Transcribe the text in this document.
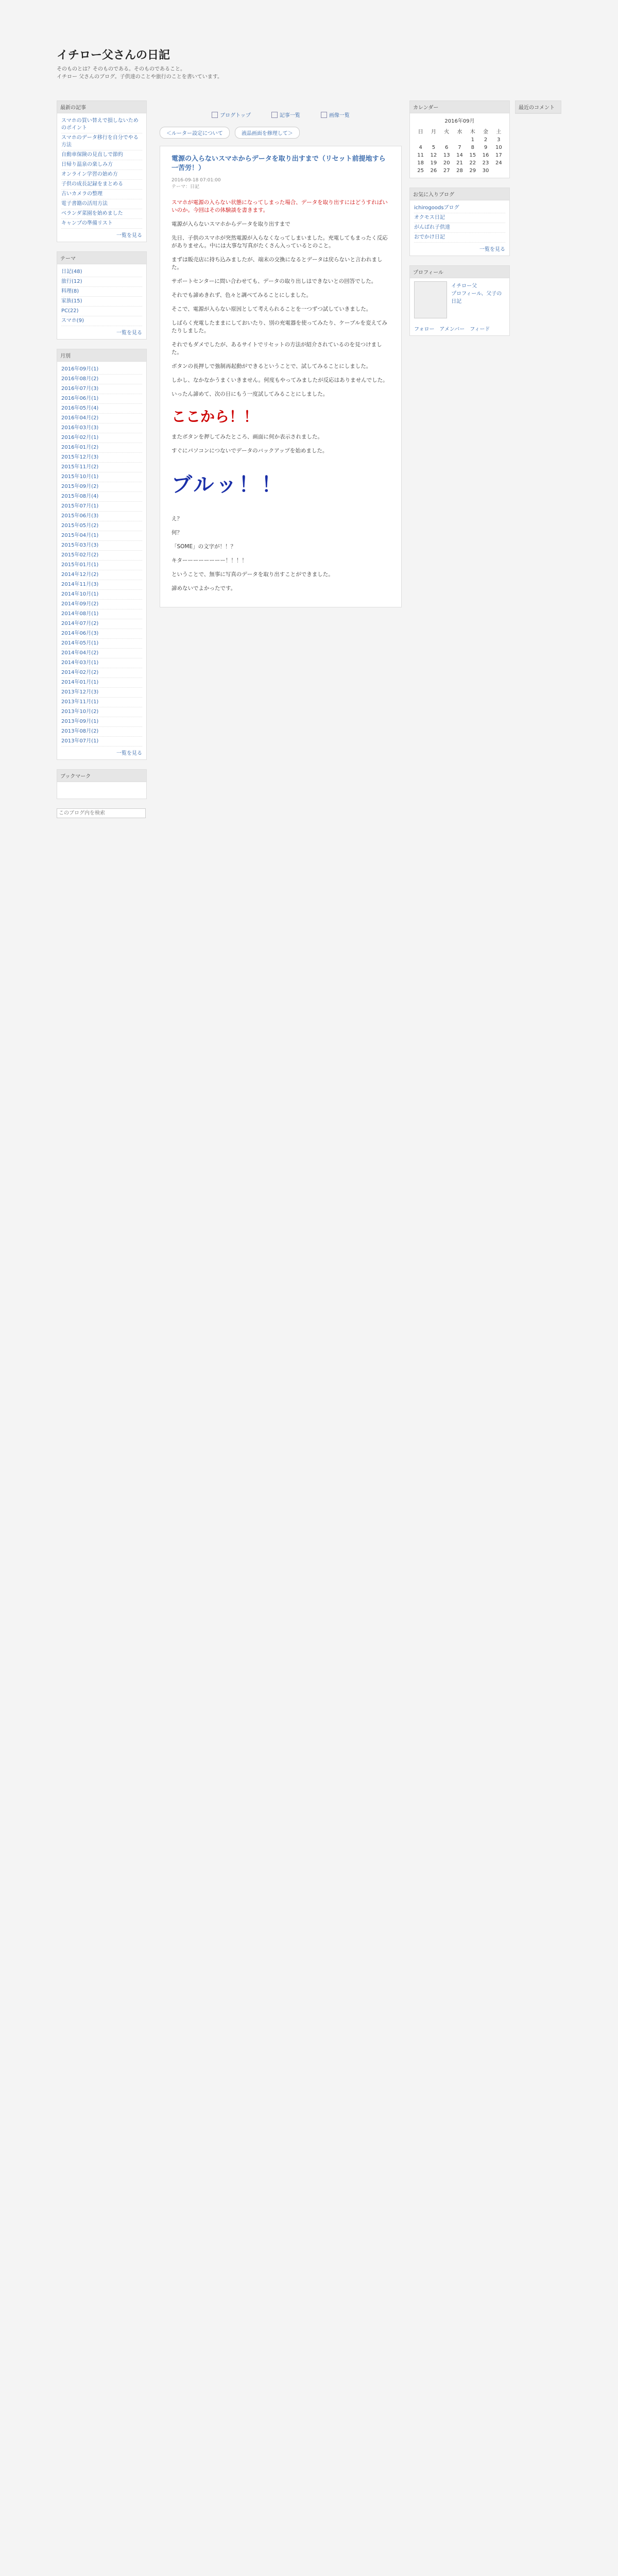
イチロー父さんの日記
そのものとは？そのものである。そのものであること。
イチロー 父さんのブログ。子供達のことや旅行のことを書いています。
最新の記事
スマホの買い替えで損しないためのポイント
スマホのデータ移行を自分でやる方法
自動車保険の見直しで節約
日帰り温泉の楽しみ方
オンライン学習の始め方
子供の成長記録をまとめる
古いカメラの整理
電子書籍の活用方法
ベランダ菜園を始めました
キャンプの準備リスト
一覧を見る
テーマ
日記(48)
旅行(12)
料理(8)
家族(15)
PC(22)
スマホ(9)
一覧を見る
月別
2016年09月(1)
2016年08月(2)
2016年07月(3)
2016年06月(1)
2016年05月(4)
2016年04月(2)
2016年03月(3)
2016年02月(1)
2016年01月(2)
2015年12月(3)
2015年11月(2)
2015年10月(1)
2015年09月(2)
2015年08月(4)
2015年07月(1)
2015年06月(3)
2015年05月(2)
2015年04月(1)
2015年03月(3)
2015年02月(2)
2015年01月(1)
2014年12月(2)
2014年11月(3)
2014年10月(1)
2014年09月(2)
2014年08月(1)
2014年07月(2)
2014年06月(3)
2014年05月(1)
2014年04月(2)
2014年03月(1)
2014年02月(2)
2014年01月(1)
2013年12月(3)
2013年11月(1)
2013年10月(2)
2013年09月(1)
2013年08月(2)
2013年07月(1)
一覧を見る
ブックマーク
このブログ内を検索
ブログトップ	記事一覧	画像一覧
＜ルーター設定について	液晶画面を修理して＞
電源の入らないスマホからデータを取り出すまで（リセット前提地すら一苦労！）
2016-09-18 07:01:00
テーマ：日記

スマホが電源の入らない状態になってしまった場合、データを取り出すにはどうすればいいのか。今回はその体験談を書きます。

電源が入らないスマホからデータを取り出すまで

先日、子供のスマホが突然電源が入らなくなってしまいました。充電してもまったく反応がありません。中には大事な写真がたくさん入っているとのこと。

まずは販売店に持ち込みましたが、端末の交換になるとデータは戻らないと言われました。

サポートセンターに問い合わせても、データの取り出しはできないとの回答でした。

それでも諦めきれず、色々と調べてみることにしました。

そこで、電源が入らない原因として考えられることを一つずつ試していきました。

しばらく充電したままにしておいたり、別の充電器を使ってみたり、ケーブルを変えてみたりしました。

それでもダメでしたが、あるサイトでリセットの方法が紹介されているのを見つけました。

ボタンの長押しで強制再起動ができるということで、試してみることにしました。

しかし、なかなかうまくいきません。何度もやってみましたが反応はありませんでした。

いったん諦めて、次の日にもう一度試してみることにしました。

ここから！！

またボタンを押してみたところ、画面に何か表示されました。

すぐにパソコンにつないでデータのバックアップを始めました。

ブルッ！！

え？

何？

「SOME」の文字が！！？

キターーーーーーーー！！！！

ということで、無事に写真のデータを取り出すことができました。

諦めないでよかったです。

カレンダー
2016年09月
日	月	火	水	木	金	土
				1	2	3
4	5	6	7	8	9	10
11	12	13	14	15	16	17
18	19	20	21	22	23	24
25	26	27	28	29	30	
お気に入りブログ
ichirogoodsブログ
オクモス日記
がんばれ子供達
おでかけ日記
一覧を見る
プロフィール
イチロー父
プロフィール、父子の日記
フォロー アメンバー フィード
最近のコメント
